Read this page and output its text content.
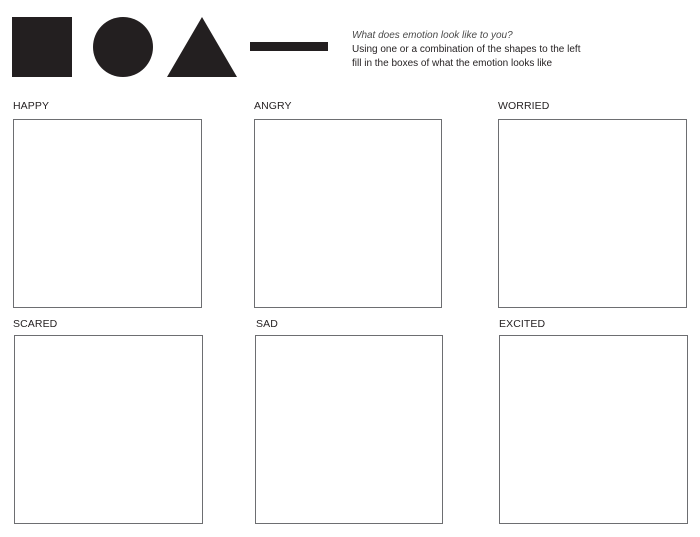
What does emotion look like to you?
Using one or a combination of the shapes to the left
fill in the boxes of what the emotion looks like
HAPPY	ANGRY	WORRIED
SCARED	SAD	EXCITED
